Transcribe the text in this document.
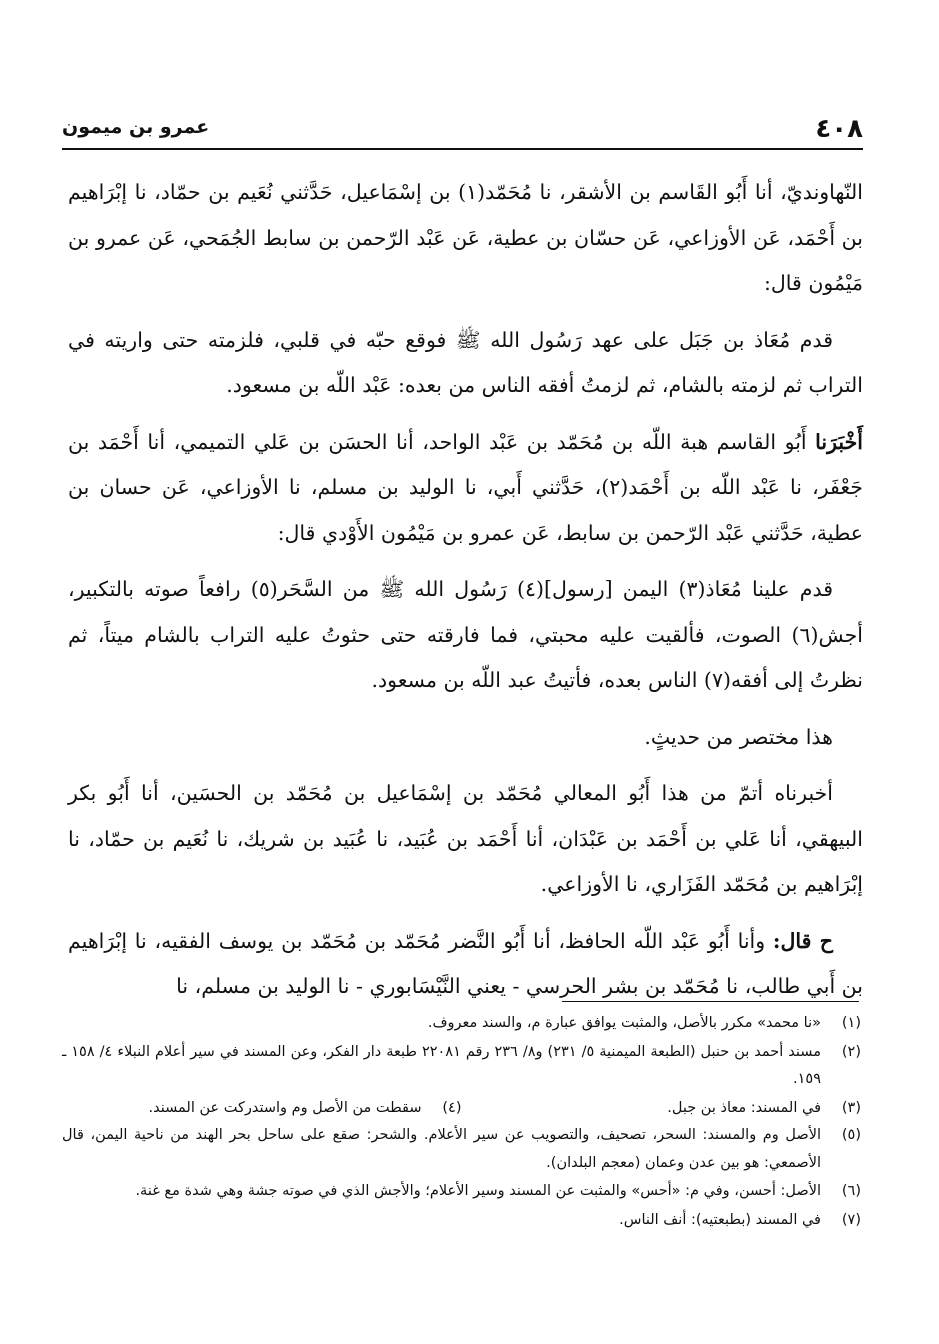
٤٠٨
عمرو بن ميمون

النّهاونديّ، أنا أَبُو القَاسم بن الأشقر، نا مُحَمّد(١) بن إسْمَاعيل، حَدَّثني نُعَيم بن حمّاد، نا إبْرَاهيم بن أَحْمَد، عَن الأوزاعي، عَن حسّان بن عطية، عَن عَبْد الرّحمن بن سابط الجُمَحي، عَن عمرو بن مَيْمُون قال:

قدم مُعَاذ بن جَبَل على عهد رَسُول الله ﷺ فوقع حبّه في قلبي، فلزمته حتى واريته في التراب ثم لزمته بالشام، ثم لزمتُ أفقه الناس من بعده: عَبْد اللّه بن مسعود.

أَخْبَرَنا أَبُو القاسم هبة اللّه بن مُحَمّد بن عَبْد الواحد، أنا الحسَن بن عَلي التميمي، أنا أَحْمَد بن جَعْفَر، نا عَبْد اللّه بن أَحْمَد(٢)، حَدَّثني أَبي، نا الوليد بن مسلم، نا الأوزاعي، عَن حسان بن عطية، حَدَّثني عَبْد الرّحمن بن سابط، عَن عمرو بن مَيْمُون الأَوْدي قال:

قدم علينا مُعَاذ(٣) اليمن [رسول](٤) رَسُول الله ﷺ من السَّحَر(٥) رافعاً صوته بالتكبير، أجش(٦) الصوت، فألقيت عليه محبتي، فما فارقته حتى حثوتُ عليه التراب بالشام ميتاً، ثم نظرتُ إلى أفقه(٧) الناس بعده، فأتيتُ عبد اللّه بن مسعود.

هذا مختصر من حديثٍ.

أخبرناه أتمّ من هذا أَبُو المعالي مُحَمّد بن إسْمَاعيل بن مُحَمّد بن الحسَين، أنا أَبُو بكر البيهقي، أنا عَلي بن أَحْمَد بن عَبْدَان، أنا أَحْمَد بن عُبَيد، نا عُبَيد بن شريك، نا نُعَيم بن حمّاد، نا إبْرَاهيم بن مُحَمّد الفَزَاري، نا الأوزاعي.

ح قال: وأنا أَبُو عَبْد اللّه الحافظ، أنا أَبُو النَّضر مُحَمّد بن مُحَمّد بن يوسف الفقيه، نا إبْرَاهيم بن أَبي طالب، نا مُحَمّد بن بشر الحرسي - يعني النَّيْسَابوري - نا الوليد بن مسلم، نا

(١)
«نا محمد» مكرر بالأصل، والمثبت يوافق عبارة م، والسند معروف.
(٢)
مسند أحمد بن حنبل (الطبعة الميمنية ٥/ ٢٣١) و٨/ ٢٣٦ رقم ٢٢٠٨١ طبعة دار الفكر، وعن المسند في سير أعلام النبلاء ٤/ ١٥٨ ـ ١٥٩.
(٣)
في المسند: معاذ بن جبل.
(٤)
سقطت من الأصل وم واستدركت عن المسند.
(٥)
الأصل وم والمسند: السحر، تصحيف، والتصويب عن سير الأعلام. والشحر: صقع على ساحل بحر الهند من ناحية اليمن، قال الأصمعي: هو بين عدن وعمان (معجم البلدان).
(٦)
الأصل: أحسن، وفي م: «أحس» والمثبت عن المسند وسير الأعلام؛ والأجش الذي في صوته جشة وهي شدة مع غنة.
(٧)
في المسند (بطبعتيه): أنف الناس.
